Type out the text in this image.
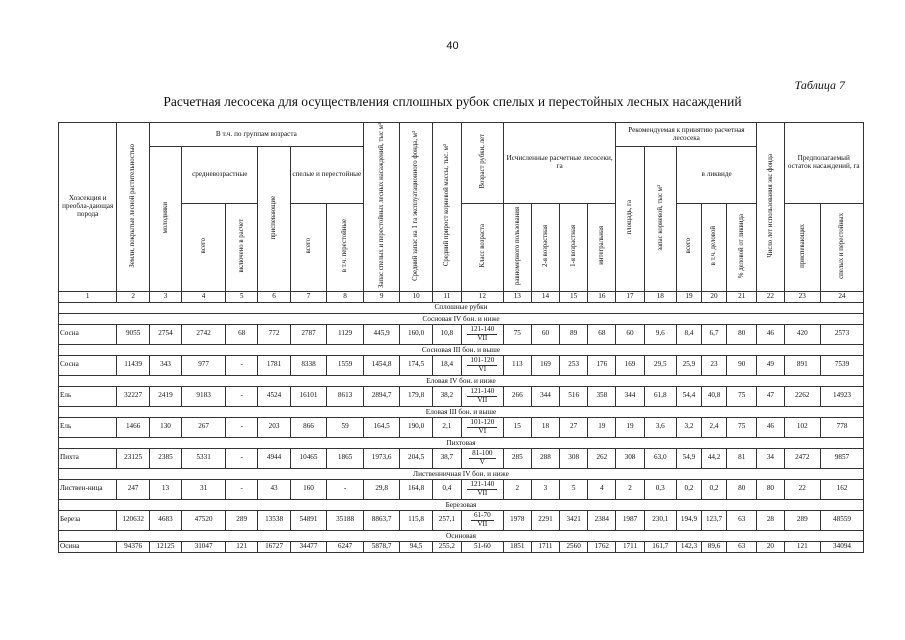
40
Таблица 7
Расчетная лесосека для осуществления сплошных рубок спелых и перестойных лесных насаждений
Хозсекция и преобла-дающая порода	Земли, покрытые лесной растительностью	В т.ч. по группам возраста						Запас спелых и перестойных лесных насаждений, тыс м³	Средний запас на 1 га эксплуатационного фонда, м³	Средний прирост корневой массы, тыс. м³	Возраст рубки, лет	Исчисленные расчетные лесосеки, га				Рекомендуемая к принятию расчетная лесосека					Число лет использования экс фонда	Предполагаемый остаток насаждений, га	
		молодняки	средневозрастные		приспевающие	спелые и перестойные										площадь, га	запас корневой, тыс м³	в ликвиде					
			всего	включено в расчет		всего	в т.ч. перестойные				Класс возраста	равномерного пользования	2-я возрастная	1-я возрастная	интегральная			всего	в т.ч. деловой	% деловой от ликвида		приспевающих	спелых и перестойных
1	2	3	4	5	6	7	8	9	10	11	12	13	14	15	16	17	18	19	20	21	22	23	24
Сплошные рубки																							
Сосновая IV бон. и ниже																							
Сосна	9055	2754	2742	68	772	2787	1129	445,9	160,0	10,8	$\frac{121-140}{\text{VII}}$	75	60	89	68	60	9,6	8,4	6,7	80	46	420	2573
Сосновая III бон. и выше																							
Сосна	11439	343	977	-	1781	8338	1559	1454,8	174,5	18,4	$\frac{101-120}{VI}$	113	169	253	176	169	29,5	25,9	23	90	49	891	7539
Еловая IV бон. и ниже																							
Ель	32227	2419	9183	-	4524	16101	8613	2894,7	179,8	38,2	$\frac{121-140}{\text{VII}}$	266	344	516	358	344	61,8	54,4	40,8	75	47	2262	14923
Еловая III бон. и выше																							
Ель	1466	130	267	-	203	866	59	164,5	190,0	2,1	$\frac{101-120}{VI}$	15	18	27	19	19	3,6	3,2	2,4	75	46	102	778
Пихтовая																							
Пихта	23125	2385	5331	-	4944	10465	1865	1973,6	204,5	38,7	$\frac{81-100}{V}$	285	288	308	262	308	63,0	54,9	44,2	81	34	2472	9857
Лиственничная IV бон. и ниже																							
Листвен-ница	247	13	31	-	43	160	-	29,8	164,8	0,4	$\frac{121-140}{\text{VII}}$	2	3	5	4	2	0,3	0,2	0,2	80	80	22	162
Березовая																							
Береза	120632	4683	47520	289	13538	54891	35188	8863,7	115,8	257,1	$\frac{61-70}{\text{VII}}$	1978	2291	3421	2384	1987	230,1	194,9	123,7	63	28	289	48559
Осиновая																							
Осина	94376	12125	31047	121	16727	34477	6247	5878,7	94,5	255,2	51-60	1851	1711	2560	1762	1711	161,7	142,3	89,6	63	20	121	34094
